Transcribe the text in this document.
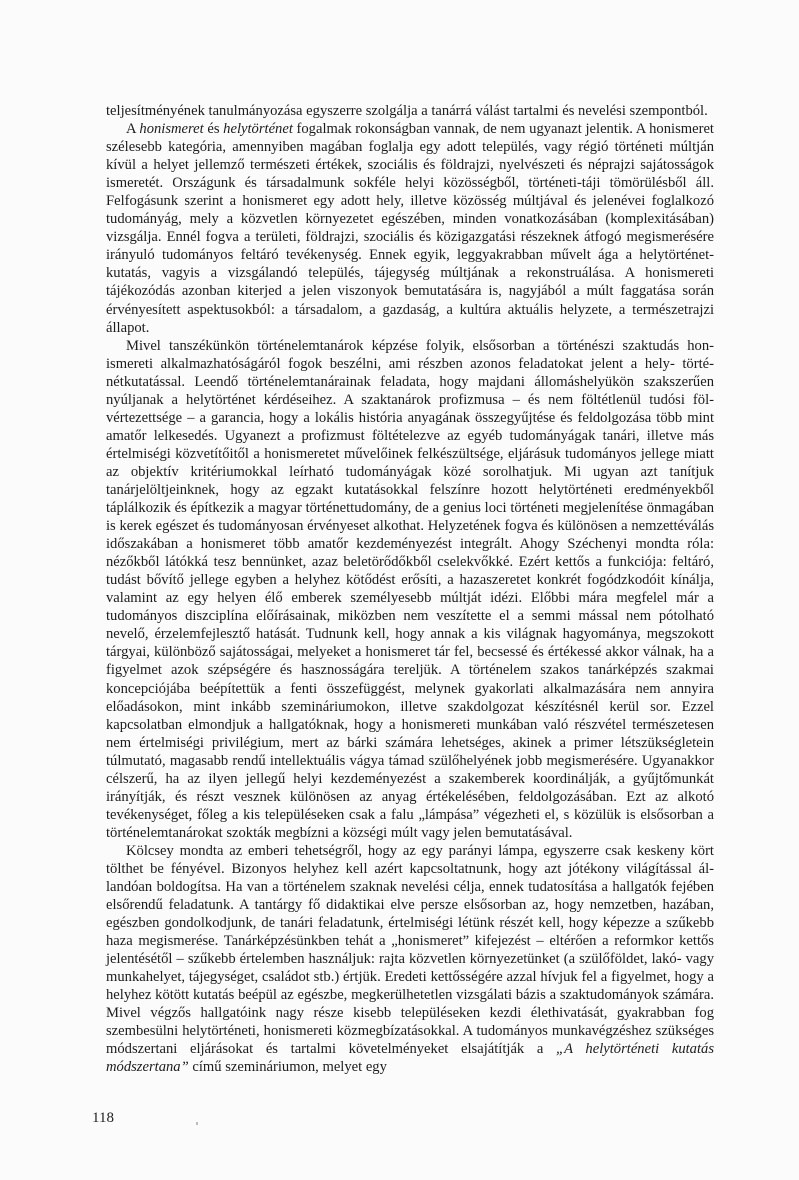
teljesítményének tanulmányozása egyszerre szolgálja a tanárrá válást tartalmi és nevelési szempontból.

A honismeret és helytörténet fogalmak rokonságban vannak, de nem ugyanazt jelentik. A honismeret szélesebb kategória, amennyiben magában foglalja egy adott település, vagy régió történeti múltján kívül a helyet jellemző természeti értékek, szociális és földrajzi, nyelvészeti és néprajzi sajátosságok ismeretét. Országunk és társadalmunk sokféle helyi közösségből, történeti-táji tömörülésből áll. Felfogásunk szerint a honismeret egy adott hely, illetve közösség múltjával és jelenévei foglalkozó tudományág, mely a közvetlen környezetet egészében, minden vonatkozásában (komplexitásában) vizsgálja. Ennél fogva a területi, földrajzi, szociális és közigazgatási részeknek átfogó megismerésére irányuló tudományos feltáró tevékenység. Ennek egyik, leggyakrabban művelt ága a helytörténet-kutatás, vagyis a vizsgálandó település, tájegység múltjának a rekonstruálása. A honismereti tájékozódás azonban kiterjed a jelen viszonyok bemutatására is, nagyjából a múlt faggatása során érvényesített aspektusokból: a társadalom, a gazdaság, a kultúra aktuális helyzete, a természetrajzi állapot.

Mivel tanszékünkön történelemtanárok képzése folyik, elsősorban a történészi szaktudás honismereti alkalmazhatóságáról fogok beszélni, ami részben azonos feladatokat jelent a hely- történétkutatással. Leendő történelemtanárainak feladata, hogy majdani állomáshelyükön szakszerűen nyúljanak a helytörténet kérdéseihez. A szaktanárok profizmusa – és nem föltétlenül tudósi fölvértezettsége – a garancia, hogy a lokális história anyagának összegyűjtése és feldolgozása több mint amatőr lelkesedés. Ugyanezt a profizmust föltételezve az egyéb tudományágak tanári, illetve más értelmiségi közvetítőitől a honismeretet művelőinek felkészültsége, eljárásuk tudományos jellege miatt az objektív kritériumokkal leírható tudományágak közé sorolhatjuk. Mi ugyan azt tanítjuk tanárjelöltjeinknek, hogy az egzakt kutatásokkal felszínre hozott helytörténeti eredményekből táplálkozik és építkezik a magyar történettudomány, de a genius loci történeti megjelenítése önmagában is kerek egészet és tudományosan érvényeset alkothat. Helyzetének fogva és különösen a nemzettéválás időszakában a honismeret több amatőr kezdeményezést integrált. Ahogy Széchenyi mondta róla: nézőkből látókká tesz bennünket, azaz beletörődőkből cselekvőkké. Ezért kettős a funkciója: feltáró, tudást bővítő jellege egyben a helyhez kötődést erősíti, a hazaszeretet konkrét fogódzkodóit kínálja, valamint az egy helyen élő emberek személyesebb múltját idézi. Előbbi mára megfelel már a tudományos diszciplína előírásainak, miközben nem veszítette el a semmi mással nem pótolható nevelő, érzelemfejlesztő hatását. Tudnunk kell, hogy annak a kis világnak hagyománya, megszokott tárgyai, különböző sajátosságai, melyeket a honismeret tár fel, becsessé és értékessé akkor válnak, ha a figyelmet azok szépségére és hasznosságára tereljük. A történelem szakos tanárképzés szakmai koncepciójába beépítettük a fenti összefüggést, melynek gyakorlati alkalmazására nem annyira előadásokon, mint inkább szemináriumokon, illetve szakdolgozat készítésnél kerül sor. Ezzel kapcsolatban elmondjuk a hallgatóknak, hogy a honismereti munkában való részvétel természetesen nem értelmiségi privilégium, mert az bárki számára lehetséges, akinek a primer létszükségletein túlmutató, magasabb rendű intellektuális vágya támad szülőhelyének jobb megismerésére. Ugyanakkor célszerű, ha az ilyen jellegű helyi kezdeményezést a szakemberek koordinálják, a gyűjtőmunkát irányítják, és részt vesznek különösen az anyag értékelésében, feldolgozásában. Ezt az alkotó tevékenységet, főleg a kis településeken csak a falu „lámpása” végezheti el, s közülük is elsősorban a történelemtanárokat szokták megbízni a községi múlt vagy jelen bemutatásával.

Kölcsey mondta az emberi tehetségről, hogy az egy parányi lámpa, egyszerre csak keskeny kört tölthet be fényével. Bizonyos helyhez kell azért kapcsoltatnunk, hogy azt jótékony világítással állandóan boldogítsa. Ha van a történelem szaknak nevelési célja, ennek tudatosítása a hallgatók fejében elsőrendű feladatunk. A tantárgy fő didaktikai elve persze elsősorban az, hogy nemzetben, hazában, egészben gondolkodjunk, de tanári feladatunk, értelmiségi létünk részét kell, hogy képezze a szűkebb haza megismerése. Tanárképzésünkben tehát a „honismeret” kifejezést – eltérően a reformkor kettős jelentésétől – szűkebb értelemben használjuk: rajta közvetlen környezetünket (a szülőföldet, lakó- vagy munkahelyet, tájegységet, családot stb.) értjük. Eredeti kettősségére azzal hívjuk fel a figyelmet, hogy a helyhez kötött kutatás beépül az egészbe, megkerülhetetlen vizsgálati bázis a szaktudományok számára. Mivel végzős hallgatóink nagy része kisebb településeken kezdi élethivatását, gyakrabban fog szembesülni helytörténeti, honismereti közmegbízatásokkal. A tudományos munkavégzéshez szükséges módszertani eljárásokat és tartalmi követelményeket elsajátítják a „A helytörténeti kutatás módszertana” című szemináriumon, melyet egy

118
